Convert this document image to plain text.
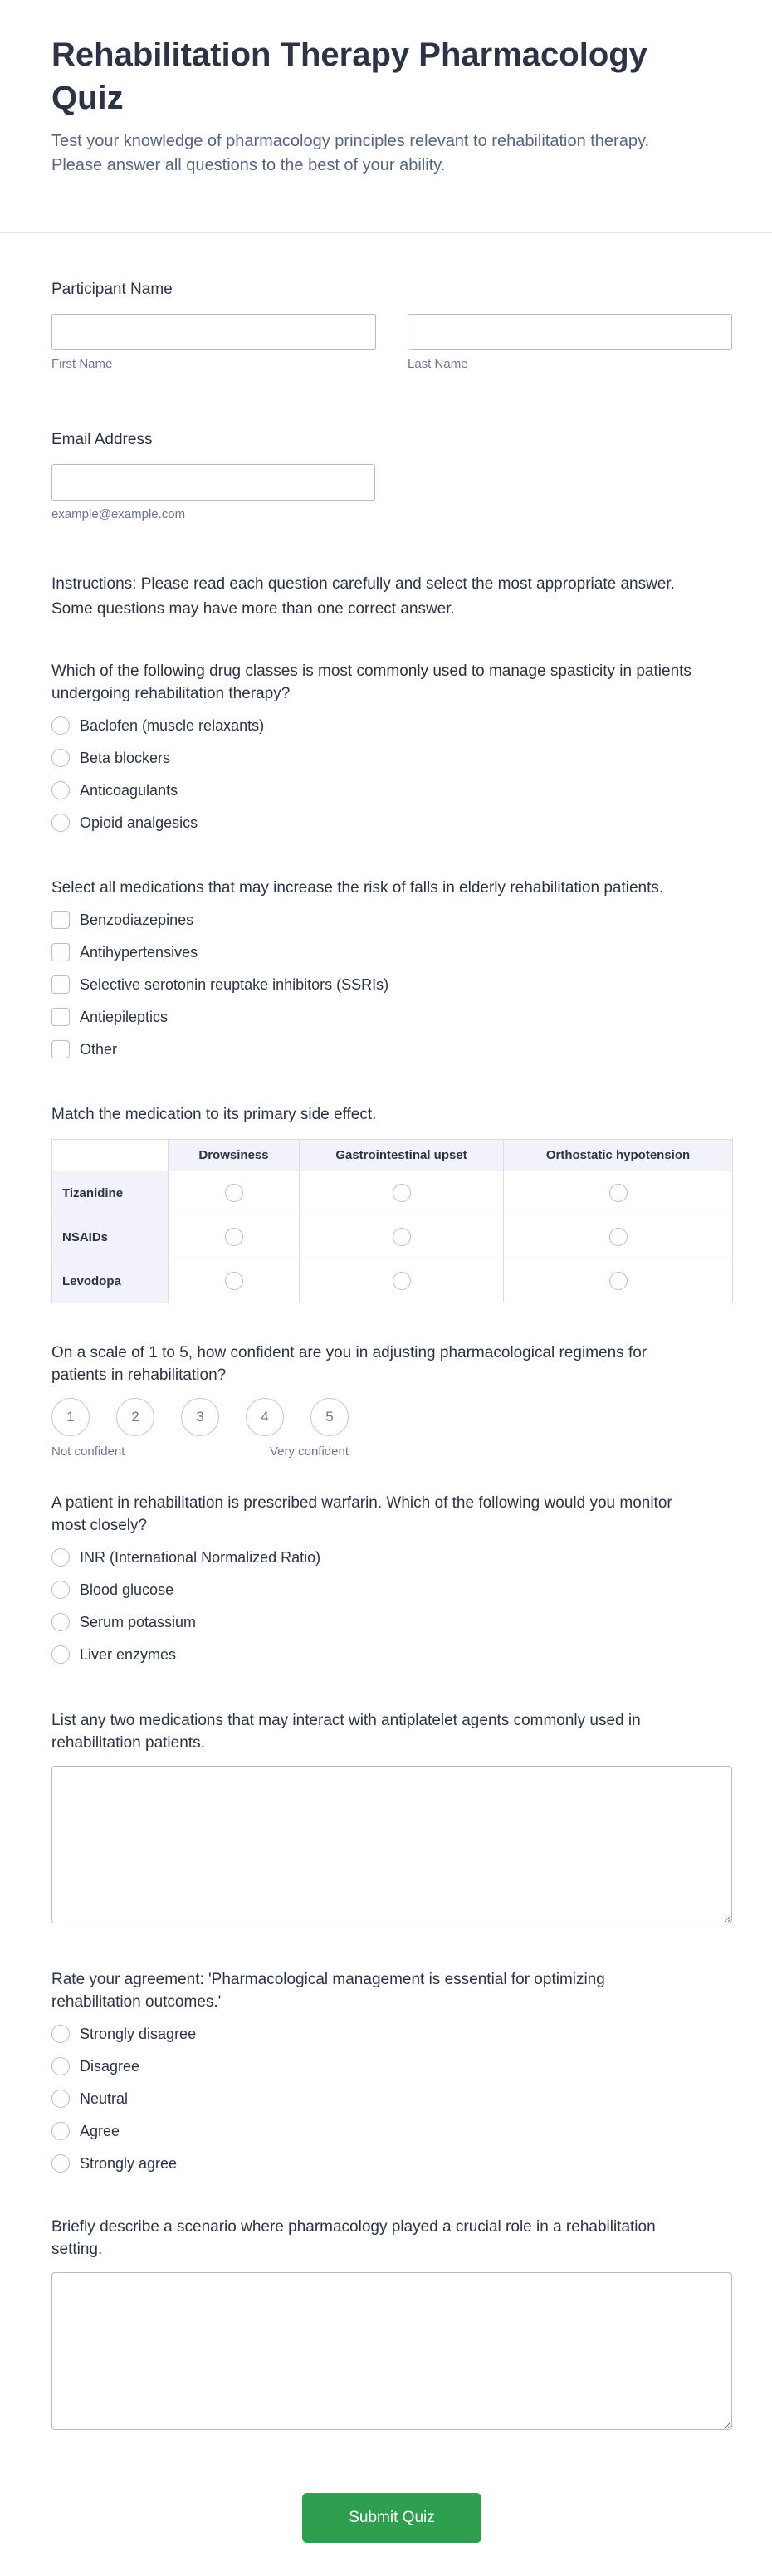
Rehabilitation Therapy Pharmacology Quiz

Test your knowledge of pharmacology principles relevant to rehabilitation therapy. Please answer all questions to the best of your ability.

Participant Name
First Name	Last Name
Email Address
example@example.com

Instructions: Please read each question carefully and select the most appropriate answer. Some questions may have more than one correct answer.

Which of the following drug classes is most commonly used to manage spasticity in patients undergoing rehabilitation therapy?
Baclofen (muscle relaxants)
Beta blockers
Anticoagulants
Opioid analgesics
Select all medications that may increase the risk of falls in elderly rehabilitation patients.
Benzodiazepines
Antihypertensives
Selective serotonin reuptake inhibitors (SSRIs)
Antiepileptics
Other
Match the medication to its primary side effect.
	Drowsiness	Gastrointestinal upset	Orthostatic hypotension
Tizanidine			
NSAIDs			
Levodopa			
On a scale of 1 to 5, how confident are you in adjusting pharmacological regimens for patients in rehabilitation?
1	2	3	4	5
Not confident	Very confident
A patient in rehabilitation is prescribed warfarin. Which of the following would you monitor most closely?
INR (International Normalized Ratio)
Blood glucose
Serum potassium
Liver enzymes
List any two medications that may interact with antiplatelet agents commonly used in rehabilitation patients.
Rate your agreement: 'Pharmacological management is essential for optimizing rehabilitation outcomes.'
Strongly disagree
Disagree
Neutral
Agree
Strongly agree
Briefly describe a scenario where pharmacology played a crucial role in a rehabilitation setting.
Submit Quiz
